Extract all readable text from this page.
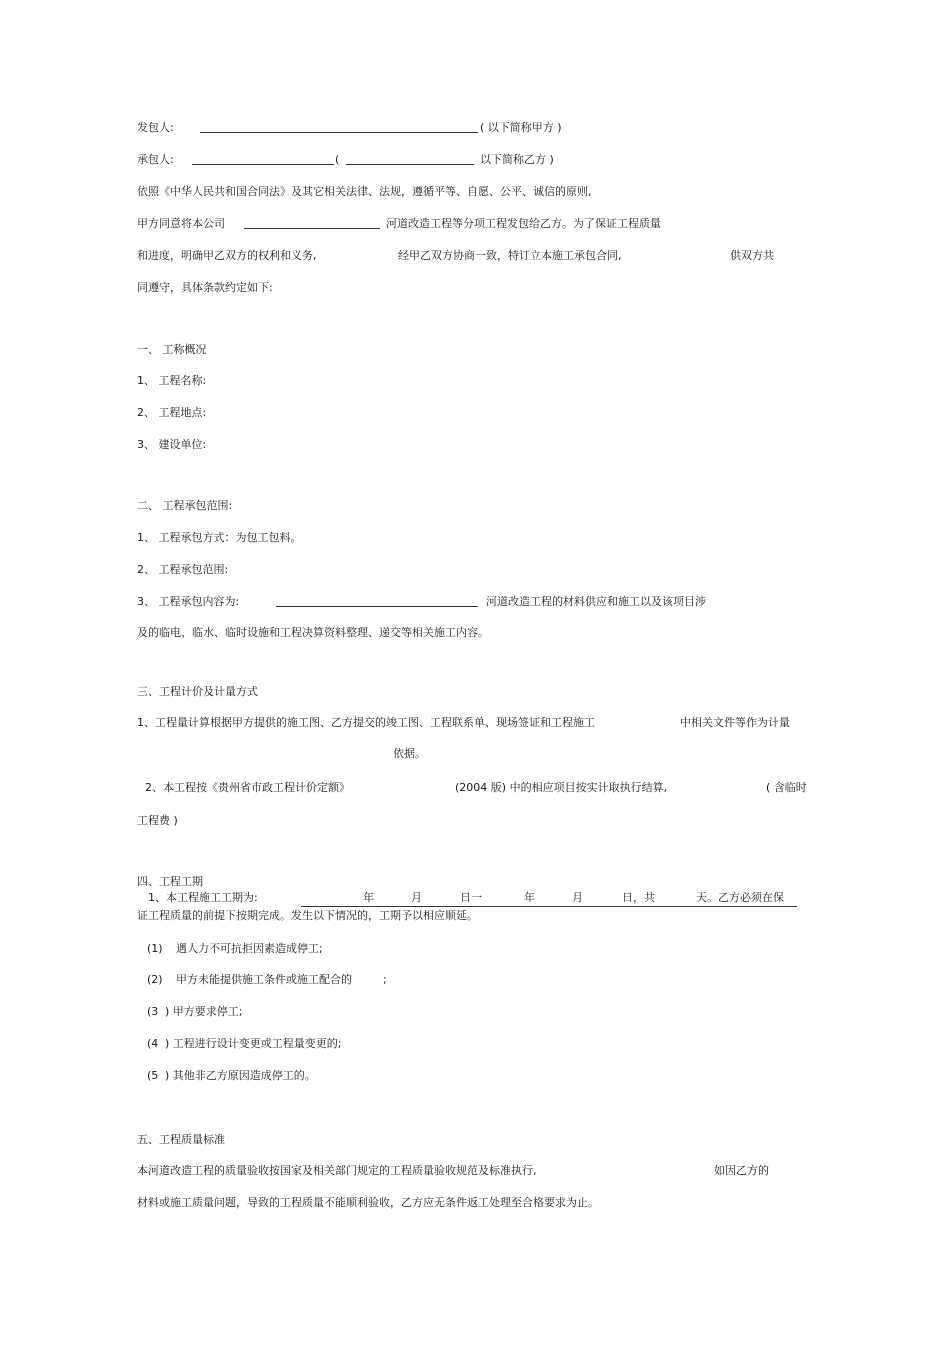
发包人:	( 以下简称甲方 )
承包人:	(	以下简称乙方 )
依照《中华人民共和国合同法》及其它相关法律、法规，遵循平等、自愿、公平、诚信的原则,
甲方同意将本公司	河道改造工程等分项工程发包给乙方。为了保证工程质量
和进度，明确甲乙双方的权利和义务,	经甲乙双方协商一致，特订立本施工承包合同,	供双方共
同遵守，具体条款约定如下:
一、 工称概况
1、 工程名称:
2、 工程地点:
3、 建设单位:
二、 工程承包范围:
1、 工程承包方式：为包工包料。
2、 工程承包范围:
3、 工程承包内容为:	河道改造工程的材料供应和施工以及该项目涉
及的临电、临水、临时设施和工程决算资料整理、递交等相关施工内容。
三、工程计价及计量方式
1、工程量计算根据甲方提供的施工图、乙方提交的竣工图、工程联系单、现场签证和工程施工	中相关文件等作为计量
依据。
2、本工程按《贵州省市政工程计价定额》	(2004 版) 中的相应项目按实计取执行结算,	( 含临时
工程费 )
四、工程工期
1、本工程施工工期为:	年	月	日一	年	月	日，共	天。乙方必须在保
证工程质量的前提下按期完成。发生以下情况的，工期予以相应顺延。
(1) 遇人力不可抗拒因素造成停工;
(2) 甲方未能提供施工条件或施工配合的	;
(3 ) 甲方要求停工;
(4 ) 工程进行设计变更或工程量变更的;
(5 ) 其他非乙方原因造成停工的。
五、工程质量标准
本河道改造工程的质量验收按国家及相关部门规定的工程质量验收规范及标准执行,	如因乙方的
材料或施工质量问题，导致的工程质量不能顺利验收，乙方应无条件返工处理至合格要求为止。
